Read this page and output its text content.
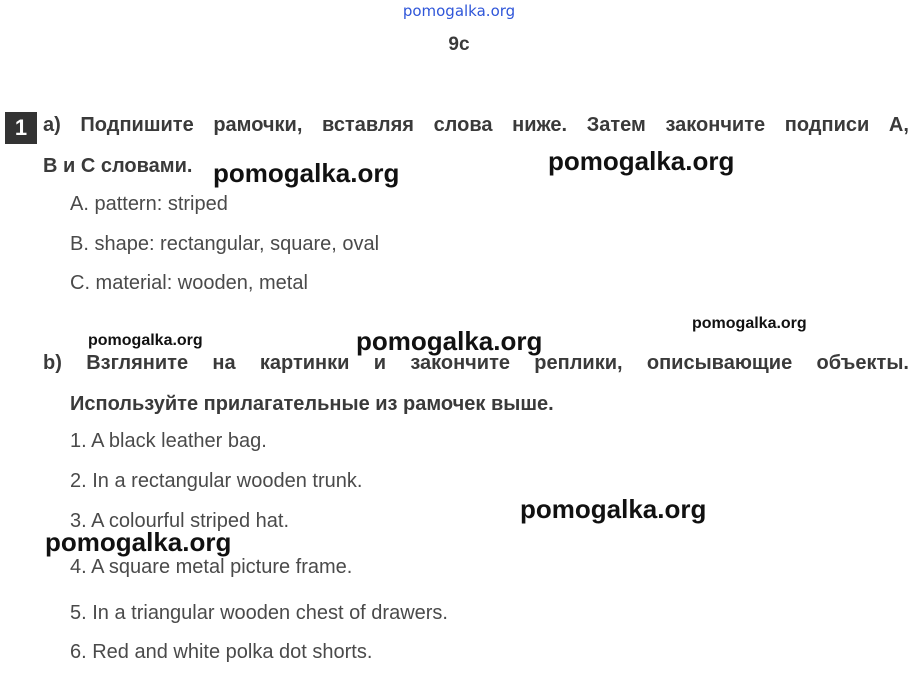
pomogalka.org
9c
1 a) Подпишите рамочки, вставляя слова ниже. Затем закончите подписи A,
B и C словами.
A. pattern: striped
B. shape: rectangular, square, oval
C. material: wooden, metal
b) Взгляните на картинки и закончите реплики, описывающие объекты.
Используйте прилагательные из рамочек выше.
1. A black leather bag.
2. In a rectangular wooden trunk.
3. A colourful striped hat.
4. A square metal picture frame.
5. In a triangular wooden chest of drawers.
6. Red and white polka dot shorts.
pomogalka.org	pomogalka.org
pomogalka.org	pomogalka.org
pomogalka.org
pomogalka.org
pomogalka.org
